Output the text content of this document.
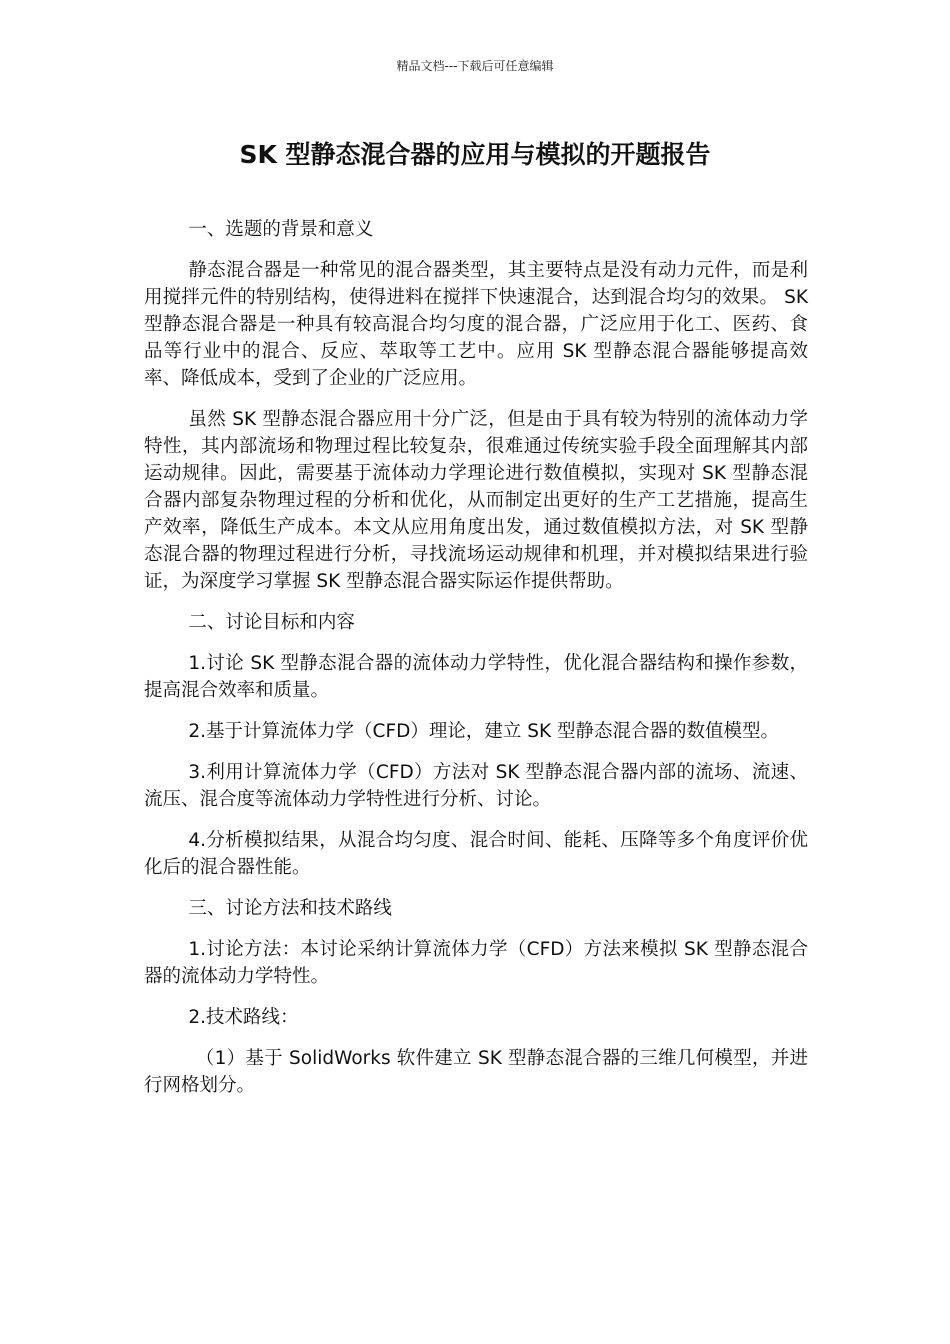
精品文档---下载后可任意编辑
SK 型静态混合器的应用与模拟的开题报告

一、选题的背景和意义

静态混合器是一种常见的混合器类型，其主要特点是没有动力元件，而是利用搅拌元件的特别结构，使得进料在搅拌下快速混合，达到混合均匀的效果。 SK 型静态混合器是一种具有较高混合均匀度的混合器，广泛应用于化工、医药、食品等行业中的混合、反应、萃取等工艺中。应用 SK 型静态混合器能够提高效率、降低成本，受到了企业的广泛应用。

虽然 SK 型静态混合器应用十分广泛，但是由于具有较为特别的流体动力学特性，其内部流场和物理过程比较复杂，很难通过传统实验手段全面理解其内部运动规律。因此，需要基于流体动力学理论进行数值模拟，实现对 SK 型静态混合器内部复杂物理过程的分析和优化，从而制定出更好的生产工艺措施，提高生产效率，降低生产成本。本文从应用角度出发，通过数值模拟方法，对 SK 型静态混合器的物理过程进行分析，寻找流场运动规律和机理，并对模拟结果进行验证，为深度学习掌握 SK 型静态混合器实际运作提供帮助。

二、讨论目标和内容

1.讨论 SK 型静态混合器的流体动力学特性，优化混合器结构和操作参数，提高混合效率和质量。

2.基于计算流体力学（CFD）理论，建立 SK 型静态混合器的数值模型。

3.利用计算流体力学（CFD）方法对 SK 型静态混合器内部的流场、流速、流压、混合度等流体动力学特性进行分析、讨论。

4.分析模拟结果，从混合均匀度、混合时间、能耗、压降等多个角度评价优化后的混合器性能。

三、讨论方法和技术路线

1.讨论方法：本讨论采纳计算流体力学（CFD）方法来模拟 SK 型静态混合器的流体动力学特性。

2.技术路线：

（1）基于 SolidWorks 软件建立 SK 型静态混合器的三维几何模型，并进行网格划分。
